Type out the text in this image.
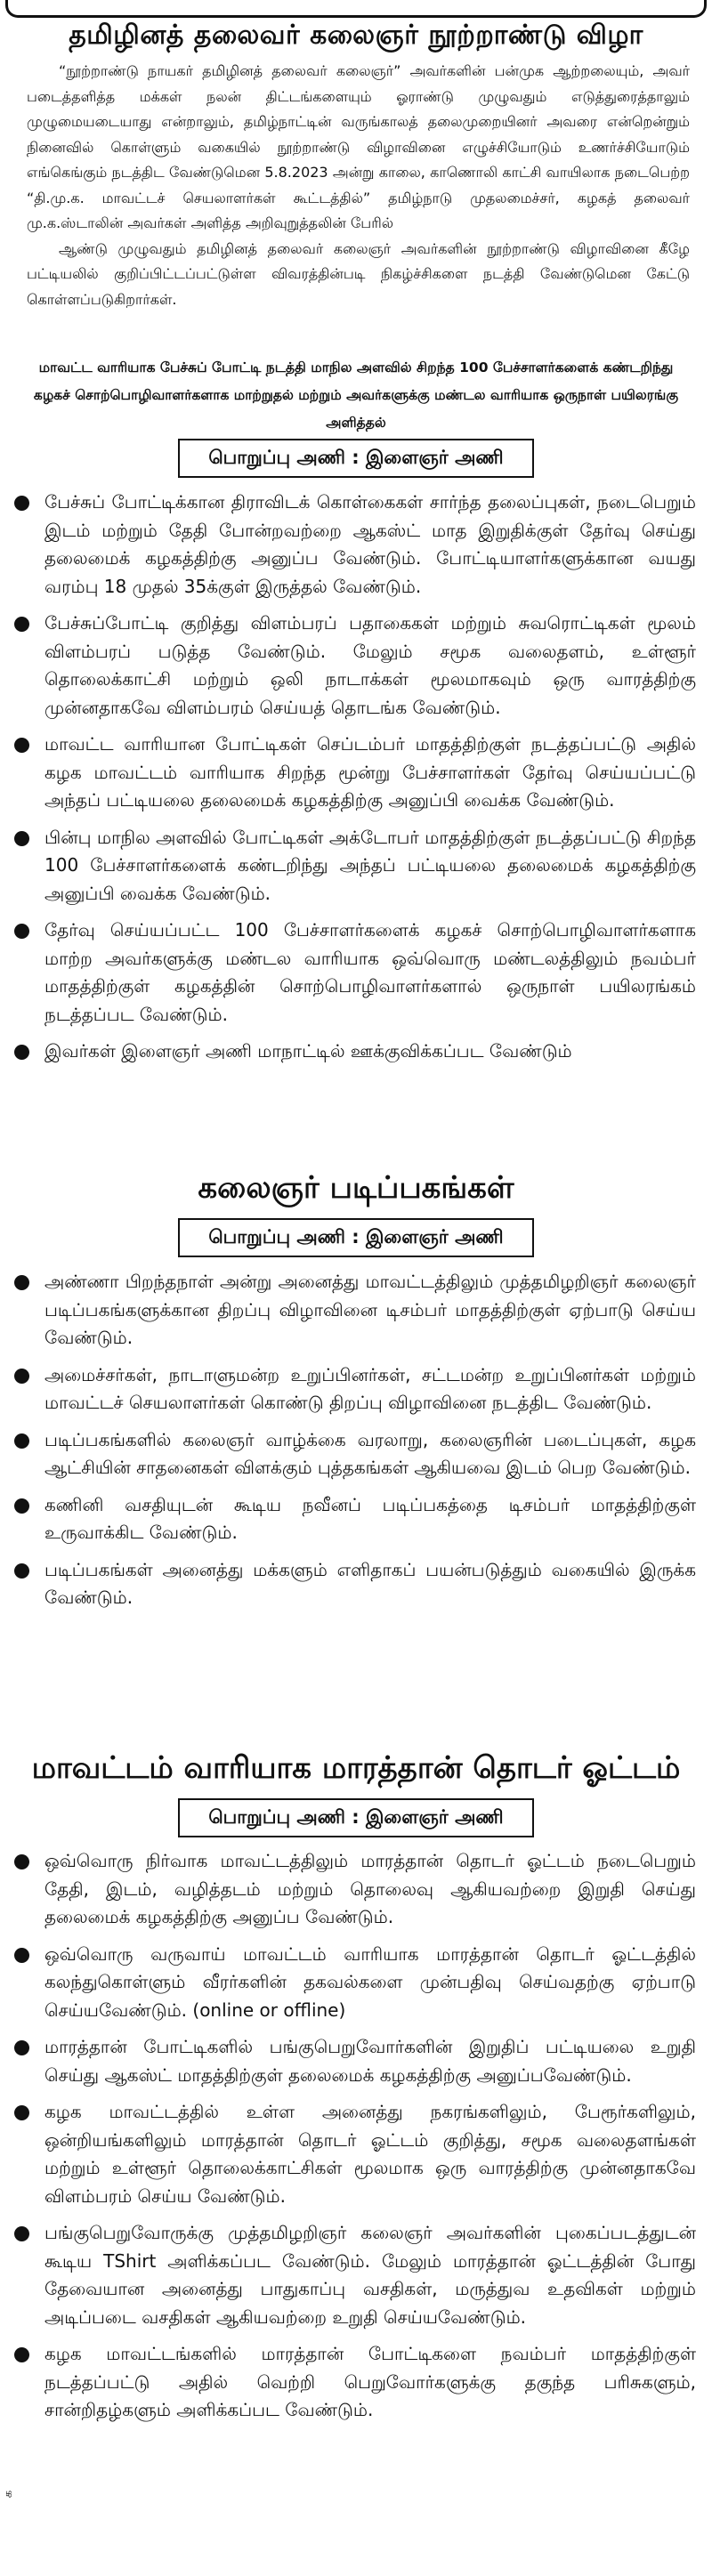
தமிழினத் தலைவர் கலைஞர் நூற்றாண்டு விழா

“நூற்றாண்டு நாயகர் தமிழினத் தலைவர் கலைஞர்” அவர்களின் பன்முக ஆற்றலையும், அவர் படைத்தளித்த மக்கள் நலன் திட்டங்களையும் ஓராண்டு முழுவதும் எடுத்துரைத்தாலும் முழுமையடையாது என்றாலும், தமிழ்நாட்டின் வருங்காலத் தலைமுறையினர் அவரை என்றென்றும் நினைவில் கொள்ளும் வகையில் நூற்றாண்டு விழாவினை எழுச்சியோடும் உணர்ச்சியோடும் எங்கெங்கும் நடத்திட வேண்டுமென 5.8.2023 அன்று காலை, காணொலி காட்சி வாயிலாக நடைபெற்ற “தி.மு.க. மாவட்டச் செயலாளர்கள் கூட்டத்தில்” தமிழ்நாடு முதலமைச்சர், கழகத் தலைவர் மு.க.ஸ்டாலின் அவர்கள் அளித்த அறிவுறுத்தலின் பேரில்

ஆண்டு முழுவதும் தமிழினத் தலைவர் கலைஞர் அவர்களின் நூற்றாண்டு விழாவினை கீழே பட்டியலில் குறிப்பிட்டப்பட்டுள்ள விவரத்தின்படி நிகழ்ச்சிகளை நடத்தி வேண்டுமென கேட்டு கொள்ளப்படுகிறார்கள்.

மாவட்ட வாரியாக பேச்சுப் போட்டி நடத்தி மாநில அளவில் சிறந்த 100 பேச்சாளர்களைக் கண்டறிந்து கழகச் சொற்பொழிவாளர்களாக மாற்றுதல் மற்றும் அவர்களுக்கு மண்டல வாரியாக ஒருநாள் பயிலரங்கு அளித்தல்
பொறுப்பு அணி : இளைஞர் அணி
பேச்சுப் போட்டிக்கான திராவிடக் கொள்கைகள் சார்ந்த தலைப்புகள், நடைபெறும் இடம் மற்றும் தேதி போன்றவற்றை ஆகஸ்ட் மாத இறுதிக்குள் தேர்வு செய்து தலைமைக் கழகத்திற்கு அனுப்ப வேண்டும். போட்டியாளர்களுக்கான வயது வரம்பு 18 முதல் 35க்குள் இருத்தல் வேண்டும்.
பேச்சுப்போட்டி குறித்து விளம்பரப் பதாகைகள் மற்றும் சுவரொட்டிகள் மூலம் விளம்பரப் படுத்த வேண்டும். மேலும் சமூக வலைதளம், உள்ளூர் தொலைக்காட்சி மற்றும் ஒலி நாடாக்கள் மூலமாகவும் ஒரு வாரத்திற்கு முன்னதாகவே விளம்பரம் செய்யத் தொடங்க வேண்டும்.
மாவட்ட வாரியான போட்டிகள் செப்டம்பர் மாதத்திற்குள் நடத்தப்பட்டு அதில் கழக மாவட்டம் வாரியாக சிறந்த மூன்று பேச்சாளர்கள் தேர்வு செய்யப்பட்டு அந்தப் பட்டியலை தலைமைக் கழகத்திற்கு அனுப்பி வைக்க வேண்டும்.
பின்பு மாநில அளவில் போட்டிகள் அக்டோபர் மாதத்திற்குள் நடத்தப்பட்டு சிறந்த 100 பேச்சாளர்களைக் கண்டறிந்து அந்தப் பட்டியலை தலைமைக் கழகத்திற்கு அனுப்பி வைக்க வேண்டும்.
தேர்வு செய்யப்பட்ட 100 பேச்சாளர்களைக் கழகச் சொற்பொழிவாளர்களாக மாற்ற அவர்களுக்கு மண்டல வாரியாக ஒவ்வொரு மண்டலத்திலும் நவம்பர் மாதத்திற்குள் கழகத்தின் சொற்பொழிவாளர்களால் ஒருநாள் பயிலரங்கம் நடத்தப்பட வேண்டும்.
இவர்கள் இளைஞர் அணி மாநாட்டில் ஊக்குவிக்கப்பட வேண்டும்
கலைஞர் படிப்பகங்கள்
பொறுப்பு அணி : இளைஞர் அணி
அண்ணா பிறந்தநாள் அன்று அனைத்து மாவட்டத்திலும் முத்தமிழறிஞர் கலைஞர் படிப்பகங்களுக்கான திறப்பு விழாவினை டிசம்பர் மாதத்திற்குள் ஏற்பாடு செய்ய வேண்டும்.
அமைச்சர்கள், நாடாளுமன்ற உறுப்பினர்கள், சட்டமன்ற உறுப்பினர்கள் மற்றும் மாவட்டச் செயலாளர்கள் கொண்டு திறப்பு விழாவினை நடத்திட வேண்டும்.
படிப்பகங்களில் கலைஞர் வாழ்க்கை வரலாறு, கலைஞரின் படைப்புகள், கழக ஆட்சியின் சாதனைகள் விளக்கும் புத்தகங்கள் ஆகியவை இடம் பெற வேண்டும்.
கணினி வசதியுடன் கூடிய நவீனப் படிப்பகத்தை டிசம்பர் மாதத்திற்குள் உருவாக்கிட வேண்டும்.
படிப்பகங்கள் அனைத்து மக்களும் எளிதாகப் பயன்படுத்தும் வகையில் இருக்க வேண்டும்.
மாவட்டம் வாரியாக மாரத்தான் தொடர் ஓட்டம்
பொறுப்பு அணி : இளைஞர் அணி
ஒவ்வொரு நிர்வாக மாவட்டத்திலும் மாரத்தான் தொடர் ஓட்டம் நடைபெறும் தேதி, இடம், வழித்தடம் மற்றும் தொலைவு ஆகியவற்றை இறுதி செய்து தலைமைக் கழகத்திற்கு அனுப்ப வேண்டும்.
ஒவ்வொரு வருவாய் மாவட்டம் வாரியாக மாரத்தான் தொடர் ஓட்டத்தில் கலந்துகொள்ளும் வீரர்களின் தகவல்களை முன்பதிவு செய்வதற்கு ஏற்பாடு செய்யவேண்டும். (online or offline)
மாரத்தான் போட்டிகளில் பங்குபெறுவோர்களின் இறுதிப் பட்டியலை உறுதி செய்து ஆகஸ்ட் மாதத்திற்குள் தலைமைக் கழகத்திற்கு அனுப்பவேண்டும்.
கழக மாவட்டத்தில் உள்ள அனைத்து நகரங்களிலும், பேரூர்களிலும், ஒன்றியங்களிலும் மாரத்தான் தொடர் ஓட்டம் குறித்து, சமூக வலைதளங்கள் மற்றும் உள்ளூர் தொலைக்காட்சிகள் மூலமாக ஒரு வாரத்திற்கு முன்னதாகவே விளம்பரம் செய்ய வேண்டும்.
பங்குபெறுவோருக்கு முத்தமிழறிஞர் கலைஞர் அவர்களின் புகைப்படத்துடன் கூடிய TShirt அளிக்கப்பட வேண்டும். மேலும் மாரத்தான் ஓட்டத்தின் போது தேவையான அனைத்து பாதுகாப்பு வசதிகள், மருத்துவ உதவிகள் மற்றும் அடிப்படை வசதிகள் ஆகியவற்றை உறுதி செய்யவேண்டும்.
கழக மாவட்டங்களில் மாரத்தான் போட்டிகளை நவம்பர் மாதத்திற்குள் நடத்தப்பட்டு அதில் வெற்றி பெறுவோர்களுக்கு தகுந்த பரிசுகளும், சான்றிதழ்களும் அளிக்கப்பட வேண்டும்.
க
